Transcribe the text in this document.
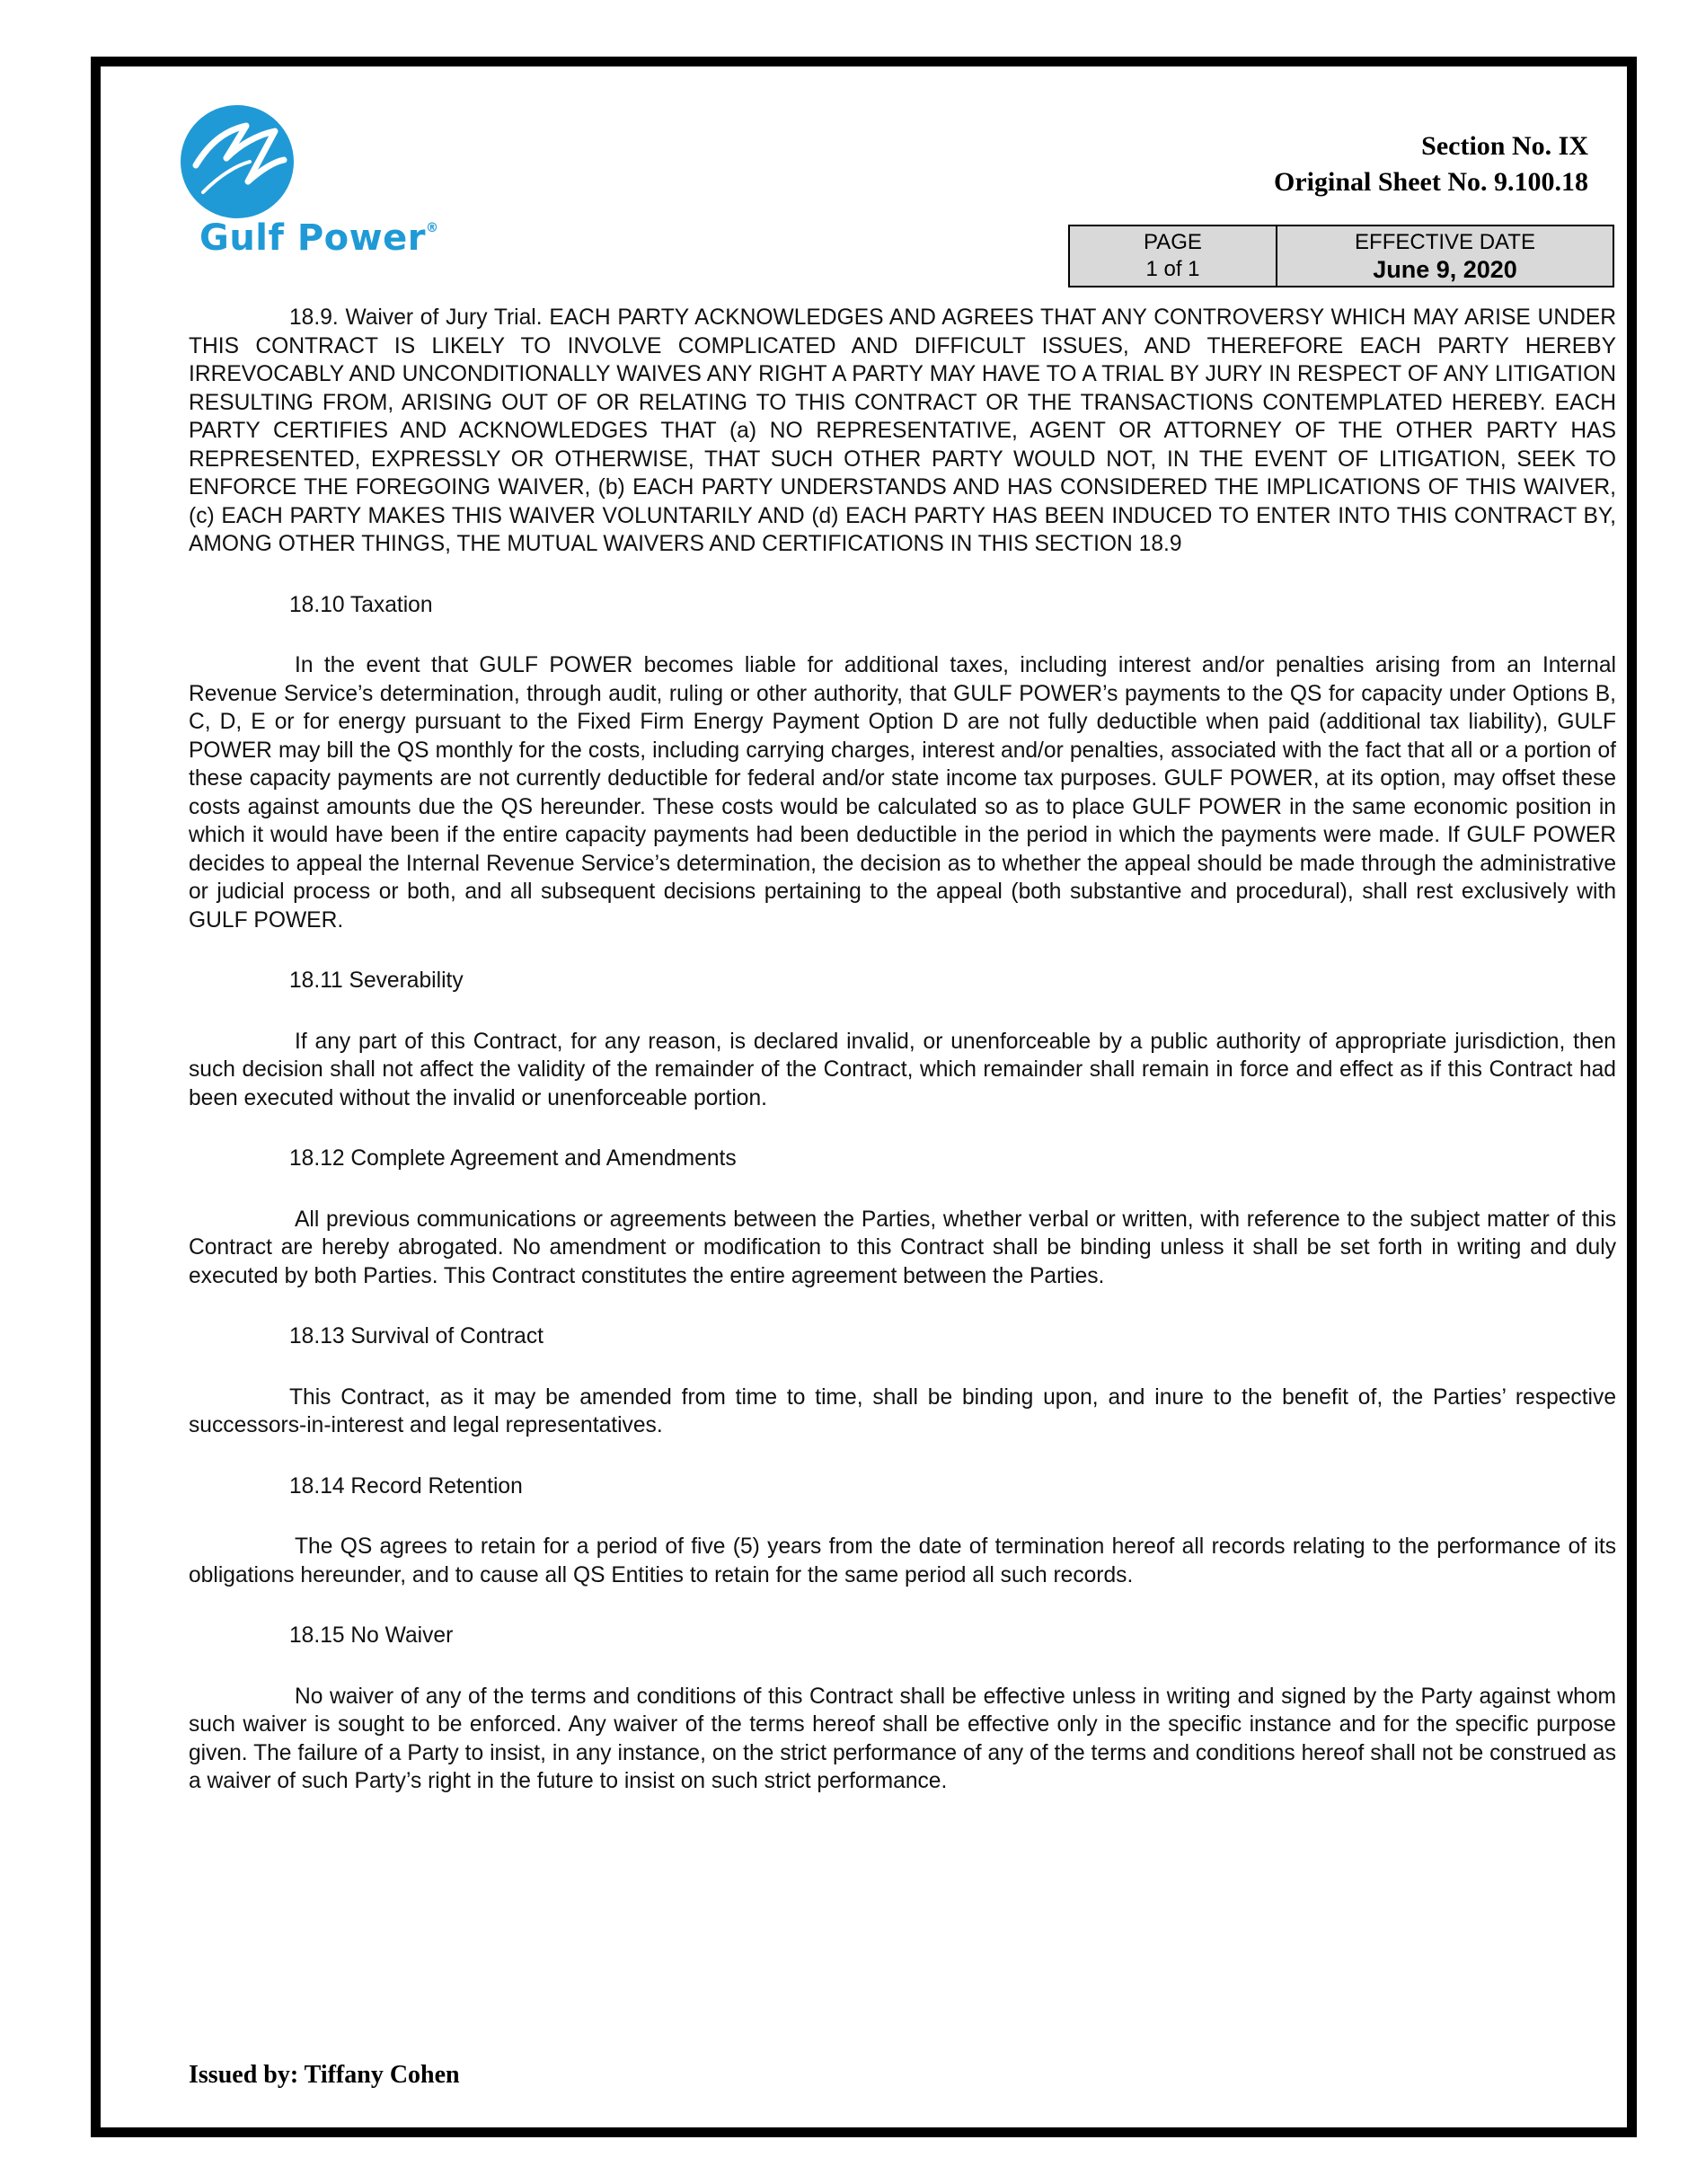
Gulf Power®
Section No. IX
Original Sheet No. 9.100.18
PAGE
1 of 1

EFFECTIVE DATE
June 9, 2020

18.9. Waiver of Jury Trial. EACH PARTY ACKNOWLEDGES AND AGREES THAT ANY CONTROVERSY WHICH MAY ARISE UNDER THIS CONTRACT IS LIKELY TO INVOLVE COMPLICATED AND DIFFICULT ISSUES, AND THEREFORE EACH PARTY HEREBY IRREVOCABLY AND UNCONDITIONALLY WAIVES ANY RIGHT A PARTY MAY HAVE TO A TRIAL BY JURY IN RESPECT OF ANY LITIGATION RESULTING FROM, ARISING OUT OF OR RELATING TO THIS CONTRACT OR THE TRANSACTIONS CONTEMPLATED HEREBY. EACH PARTY CERTIFIES AND ACKNOWLEDGES THAT (a) NO REPRESENTATIVE, AGENT OR ATTORNEY OF THE OTHER PARTY HAS REPRESENTED, EXPRESSLY OR OTHERWISE, THAT SUCH OTHER PARTY WOULD NOT, IN THE EVENT OF LITIGATION, SEEK TO ENFORCE THE FOREGOING WAIVER, (b) EACH PARTY UNDERSTANDS AND HAS CONSIDERED THE IMPLICATIONS OF THIS WAIVER, (c) EACH PARTY MAKES THIS WAIVER VOLUNTARILY AND (d) EACH PARTY HAS BEEN INDUCED TO ENTER INTO THIS CONTRACT BY, AMONG OTHER THINGS, THE MUTUAL WAIVERS AND CERTIFICATIONS IN THIS SECTION 18.9

18.10 Taxation

In the event that GULF POWER becomes liable for additional taxes, including interest and/or penalties arising from an Internal Revenue Service’s determination, through audit, ruling or other authority, that GULF POWER’s payments to the QS for capacity under Options B, C, D, E or for energy pursuant to the Fixed Firm Energy Payment Option D are not fully deductible when paid (additional tax liability), GULF POWER may bill the QS monthly for the costs, including carrying charges, interest and/or penalties, associated with the fact that all or a portion of these capacity payments are not currently deductible for federal and/or state income tax purposes. GULF POWER, at its option, may offset these costs against amounts due the QS hereunder. These costs would be calculated so as to place GULF POWER in the same economic position in which it would have been if the entire capacity payments had been deductible in the period in which the payments were made. If GULF POWER decides to appeal the Internal Revenue Service’s determination, the decision as to whether the appeal should be made through the administrative or judicial process or both, and all subsequent decisions pertaining to the appeal (both substantive and procedural), shall rest exclusively with GULF POWER.

18.11 Severability

If any part of this Contract, for any reason, is declared invalid, or unenforceable by a public authority of appropriate jurisdiction, then such decision shall not affect the validity of the remainder of the Contract, which remainder shall remain in force and effect as if this Contract had been executed without the invalid or unenforceable portion.

18.12 Complete Agreement and Amendments

All previous communications or agreements between the Parties, whether verbal or written, with reference to the subject matter of this Contract are hereby abrogated. No amendment or modification to this Contract shall be binding unless it shall be set forth in writing and duly executed by both Parties. This Contract constitutes the entire agreement between the Parties.

18.13 Survival of Contract

This Contract, as it may be amended from time to time, shall be binding upon, and inure to the benefit of, the Parties’ respective successors-in-interest and legal representatives.

18.14 Record Retention

The QS agrees to retain for a period of five (5) years from the date of termination hereof all records relating to the performance of its obligations hereunder, and to cause all QS Entities to retain for the same period all such records.

18.15 No Waiver

No waiver of any of the terms and conditions of this Contract shall be effective unless in writing and signed by the Party against whom such waiver is sought to be enforced. Any waiver of the terms hereof shall be effective only in the specific instance and for the specific purpose given. The failure of a Party to insist, in any instance, on the strict performance of any of the terms and conditions hereof shall not be construed as a waiver of such Party’s right in the future to insist on such strict performance.

Issued by: Tiffany Cohen
